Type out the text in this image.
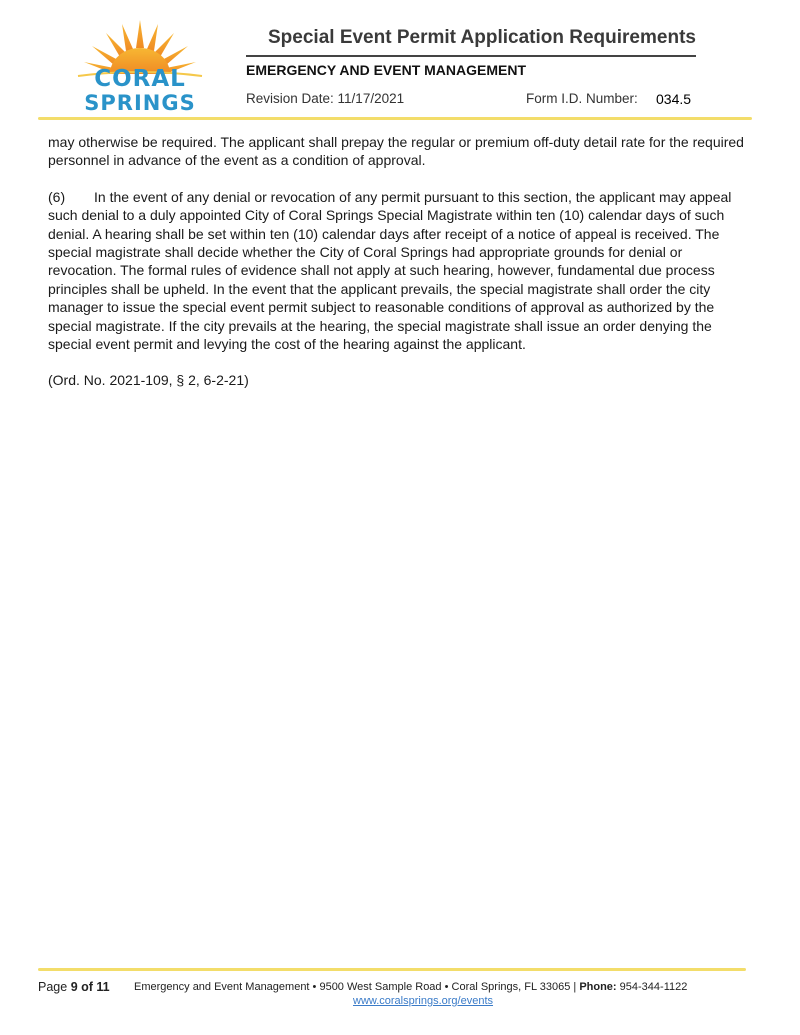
CORAL
SPRINGS
Special Event Permit Application Requirements
EMERGENCY AND EVENT MANAGEMENT
Revision Date: 11/17/2021	Form I.D. Number: 034.5

may otherwise be required. The applicant shall prepay the regular or premium off-duty detail rate for the required personnel in advance of the event as a condition of approval.

(6) In the event of any denial or revocation of any permit pursuant to this section, the applicant may appeal such denial to a duly appointed City of Coral Springs Special Magistrate within ten (10) calendar days of such denial. A hearing shall be set within ten (10) calendar days after receipt of a notice of appeal is received. The special magistrate shall decide whether the City of Coral Springs had appropriate grounds for denial or revocation. The formal rules of evidence shall not apply at such hearing, however, fundamental due process principles shall be upheld. In the event that the applicant prevails, the special magistrate shall order the city manager to issue the special event permit subject to reasonable conditions of approval as authorized by the special magistrate. If the city prevails at the hearing, the special magistrate shall issue an order denying the special event permit and levying the cost of the hearing against the applicant.

(Ord. No. 2021-109, § 2, 6-2-21)

Page 9 of 11 Emergency and Event Management • 9500 West Sample Road • Coral Springs, FL 33065 | Phone: 954-344-1122
www.coralsprings.org/events
